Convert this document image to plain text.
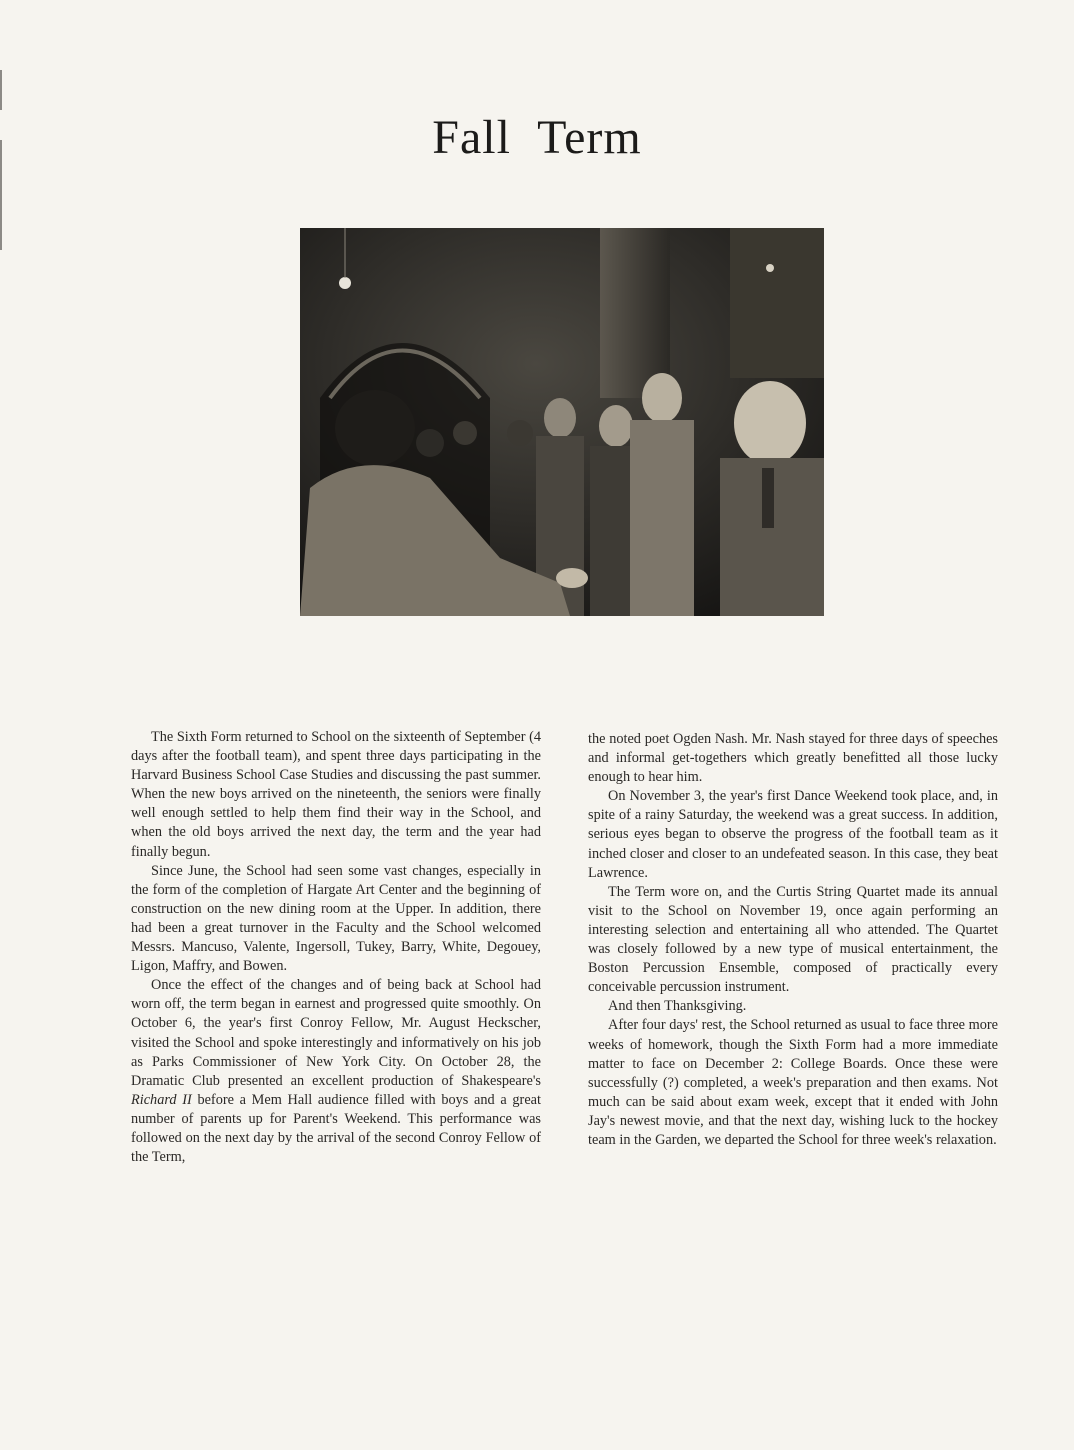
Fall Term

The Sixth Form returned to School on the sixteenth of September (4 days after the football team), and spent three days participating in the Harvard Business School Case Studies and discussing the past summer. When the new boys arrived on the nineteenth, the seniors were finally well enough settled to help them find their way in the School, and when the old boys arrived the next day, the term and the year had finally begun.

Since June, the School had seen some vast changes, especially in the form of the completion of Hargate Art Center and the beginning of construction on the new dining room at the Upper. In addition, there had been a great turnover in the Faculty and the School welcomed Messrs. Mancuso, Valente, Ingersoll, Tukey, Barry, White, Degouey, Ligon, Maffry, and Bowen.

Once the effect of the changes and of being back at School had worn off, the term began in earnest and progressed quite smoothly. On October 6, the year's first Conroy Fellow, Mr. August Heckscher, visited the School and spoke interestingly and informatively on his job as Parks Commissioner of New York City. On October 28, the Dramatic Club presented an excellent production of Shakespeare's Richard II before a Mem Hall audience filled with boys and a great number of parents up for Parent's Weekend. This performance was followed on the next day by the arrival of the second Conroy Fellow of the Term,

the noted poet Ogden Nash. Mr. Nash stayed for three days of speeches and informal get-togethers which greatly benefitted all those lucky enough to hear him.

On November 3, the year's first Dance Weekend took place, and, in spite of a rainy Saturday, the weekend was a great success. In addition, serious eyes began to observe the progress of the football team as it inched closer and closer to an undefeated season. In this case, they beat Lawrence.

The Term wore on, and the Curtis String Quartet made its annual visit to the School on November 19, once again performing an interesting selection and entertaining all who attended. The Quartet was closely followed by a new type of musical entertainment, the Boston Percussion Ensemble, composed of practically every conceivable percussion instrument.

And then Thanksgiving.

After four days' rest, the School returned as usual to face three more weeks of homework, though the Sixth Form had a more immediate matter to face on December 2: College Boards. Once these were successfully (?) completed, a week's preparation and then exams. Not much can be said about exam week, except that it ended with John Jay's newest movie, and that the next day, wishing luck to the hockey team in the Garden, we departed the School for three week's relaxation.
